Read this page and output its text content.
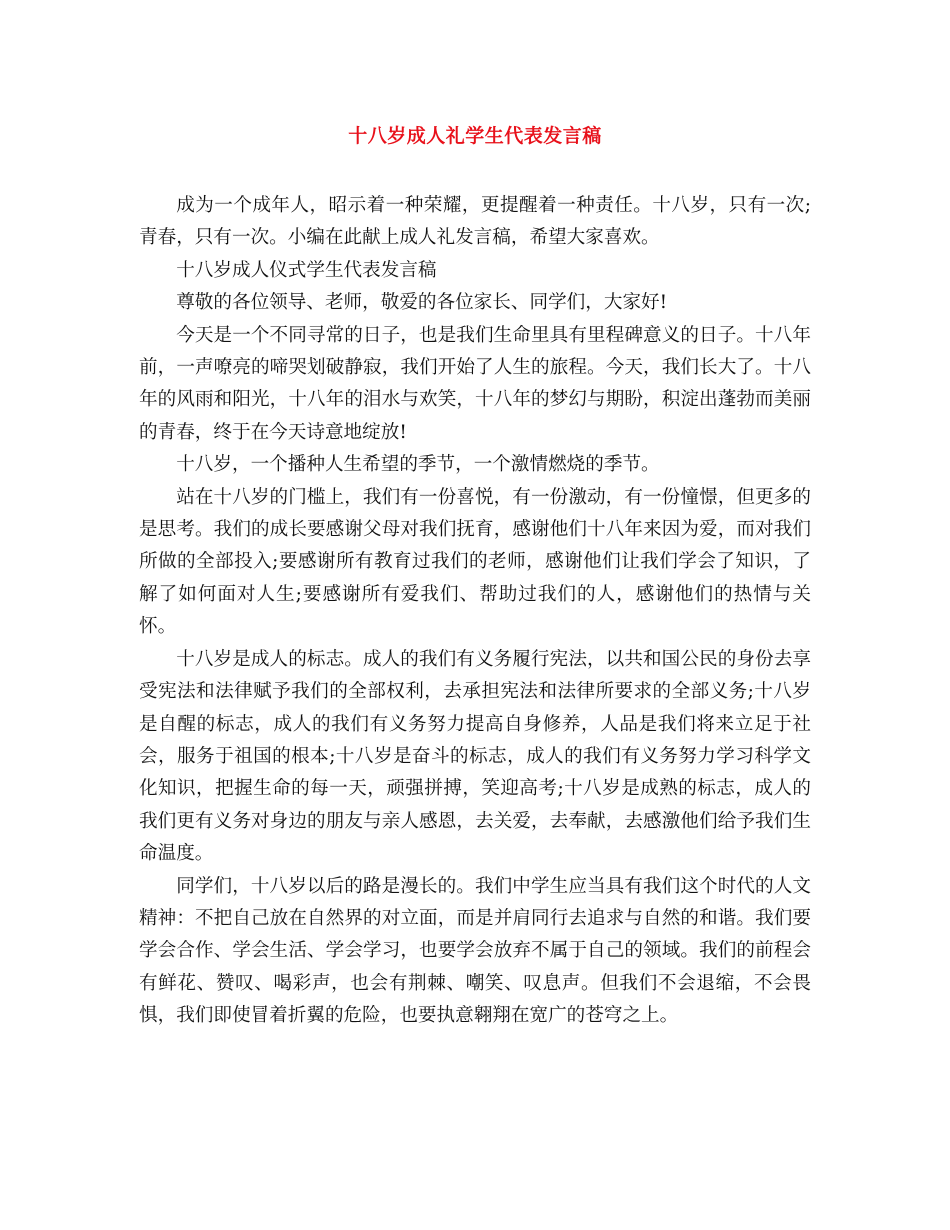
十八岁成人礼学生代表发言稿

成为一个成年人，昭示着一种荣耀，更提醒着一种责任。十八岁，只有一次;青春，只有一次。小编在此献上成人礼发言稿，希望大家喜欢。

十八岁成人仪式学生代表发言稿

尊敬的各位领导、老师，敬爱的各位家长、同学们，大家好!

今天是一个不同寻常的日子，也是我们生命里具有里程碑意义的日子。十八年前，一声嘹亮的啼哭划破静寂，我们开始了人生的旅程。今天，我们长大了。十八年的风雨和阳光，十八年的泪水与欢笑，十八年的梦幻与期盼，积淀出蓬勃而美丽的青春，终于在今天诗意地绽放!

十八岁，一个播种人生希望的季节，一个激情燃烧的季节。

站在十八岁的门槛上，我们有一份喜悦，有一份激动，有一份憧憬，但更多的是思考。我们的成长要感谢父母对我们抚育，感谢他们十八年来因为爱，而对我们所做的全部投入;要感谢所有教育过我们的老师，感谢他们让我们学会了知识，了解了如何面对人生;要感谢所有爱我们、帮助过我们的人，感谢他们的热情与关怀。

十八岁是成人的标志。成人的我们有义务履行宪法，以共和国公民的身份去享受宪法和法律赋予我们的全部权利，去承担宪法和法律所要求的全部义务;十八岁是自醒的标志，成人的我们有义务努力提高自身修养，人品是我们将来立足于社会，服务于祖国的根本;十八岁是奋斗的标志，成人的我们有义务努力学习科学文化知识，把握生命的每一天，顽强拼搏，笑迎高考;十八岁是成熟的标志，成人的我们更有义务对身边的朋友与亲人感恩，去关爱，去奉献，去感激他们给予我们生命温度。

同学们，十八岁以后的路是漫长的。我们中学生应当具有我们这个时代的人文精神：不把自己放在自然界的对立面，而是并肩同行去追求与自然的和谐。我们要学会合作、学会生活、学会学习，也要学会放弃不属于自己的领域。我们的前程会有鲜花、赞叹、喝彩声，也会有荆棘、嘲笑、叹息声。但我们不会退缩，不会畏惧，我们即使冒着折翼的危险，也要执意翱翔在宽广的苍穹之上。
